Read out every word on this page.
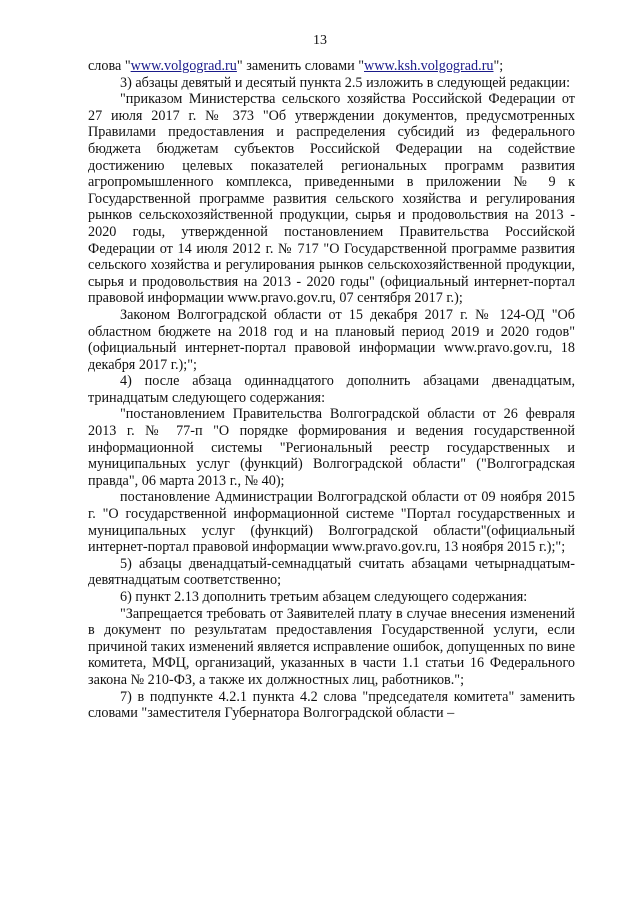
13

слова "www.volgograd.ru" заменить словами "www.ksh.volgograd.ru";

3) абзацы девятый и десятый пункта 2.5 изложить в следующей редакции:

"приказом Министерства сельского хозяйства Российской Федерации от 27 июля 2017 г. № 373 "Об утверждении документов, предусмотренных Правилами предоставления и распределения субсидий из федерального бюджета бюджетам субъектов Российской Федерации на содействие достижению целевых показателей региональных программ развития агропромышленного комплекса, приведенными в приложении № 9 к Государственной программе развития сельского хозяйства и регулирования рынков сельскохозяйственной продукции, сырья и продовольствия на 2013 - 2020 годы, утвержденной постановлением Правительства Российской Федерации от 14 июля 2012 г. № 717 "О Государственной программе развития сельского хозяйства и регулирования рынков сельскохозяйственной продукции, сырья и продовольствия на 2013 - 2020 годы" (официальный интернет-портал правовой информации www.pravo.gov.ru, 07 сентября 2017 г.);

Законом Волгоградской области от 15 декабря 2017 г. № 124-ОД "Об областном бюджете на 2018 год и на плановый период 2019 и 2020 годов" (официальный интернет-портал правовой информации www.pravo.gov.ru, 18 декабря 2017 г.);";

4) после абзаца одиннадцатого дополнить абзацами двенадцатым, тринадцатым следующего содержания:

"постановлением Правительства Волгоградской области от 26 февраля 2013 г. № 77-п "О порядке формирования и ведения государственной информационной системы "Региональный реестр государственных и муниципальных услуг (функций) Волгоградской области" ("Волгоградская правда", 06 марта 2013 г., № 40);

постановление Администрации Волгоградской области от 09 ноября 2015 г. "О государственной информационной системе "Портал государственных и муниципальных услуг (функций) Волгоградской области"(официальный интернет-портал правовой информации www.pravo.gov.ru, 13 ноября 2015 г.);";

5) абзацы двенадцатый-семнадцатый считать абзацами четырнадцатым-девятнадцатым соответственно;

6) пункт 2.13 дополнить третьим абзацем следующего содержания:

"Запрещается требовать от Заявителей плату в случае внесения изменений в документ по результатам предоставления Государственной услуги, если причиной таких изменений является исправление ошибок, допущенных по вине комитета, МФЦ, организаций, указанных в части 1.1 статьи 16 Федерального закона № 210-ФЗ, а также их должностных лиц, работников.";

7) в подпункте 4.2.1 пункта 4.2 слова "председателя комитета" заменить словами "заместителя Губернатора Волгоградской области –
